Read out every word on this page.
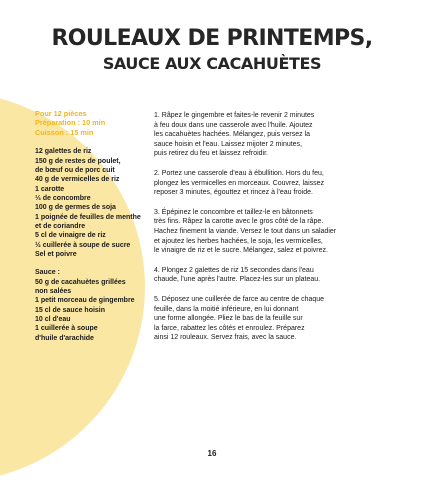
ROULEAUX DE PRINTEMPS,
SAUCE AUX CACAHUÈTES
Pour 12 pièces
Préparation : 10 min
Cuisson : 15 min
12 galettes de riz
150 g de restes de poulet,
de bœuf ou de porc cuit
40 g de vermicelles de riz
1 carotte
⅓ de concombre
100 g de germes de soja
1 poignée de feuilles de menthe
et de coriandre
5 cl de vinaigre de riz
½ cuillerée à soupe de sucre
Sel et poivre
Sauce :
50 g de cacahuètes grillées
non salées
1 petit morceau de gingembre
15 cl de sauce hoisin
10 cl d'eau
1 cuillerée à soupe
d'huile d'arachide
1. Râpez le gingembre et faites-le revenir 2 minutes
à feu doux dans une casserole avec l'huile. Ajoutez
les cacahuètes hachées. Mélangez, puis versez la
sauce hoisin et l'eau. Laissez mijoter 2 minutes,
puis retirez du feu et laissez refroidir.
2. Portez une casserole d'eau à ébullition. Hors du feu,
plongez les vermicelles en morceaux. Couvrez, laissez
reposer 3 minutes, égouttez et rincez à l'eau froide.
3. Épépinez le concombre et taillez-le en bâtonnets
très fins. Râpez la carotte avec le gros côté de la râpe.
Hachez finement la viande. Versez le tout dans un saladier
et ajoutez les herbes hachées, le soja, les vermicelles,
le vinaigre de riz et le sucre. Mélangez, salez et poivrez.
4. Plongez 2 galettes de riz 15 secondes dans l'eau
chaude, l'une après l'autre. Placez-les sur un plateau.
5. Déposez une cuillerée de farce au centre de chaque
feuille, dans la moitié inférieure, en lui donnant
une forme allongée. Pliez le bas de la feuille sur
la farce, rabattez les côtés et enroulez. Préparez
ainsi 12 rouleaux. Servez frais, avec la sauce.
16
